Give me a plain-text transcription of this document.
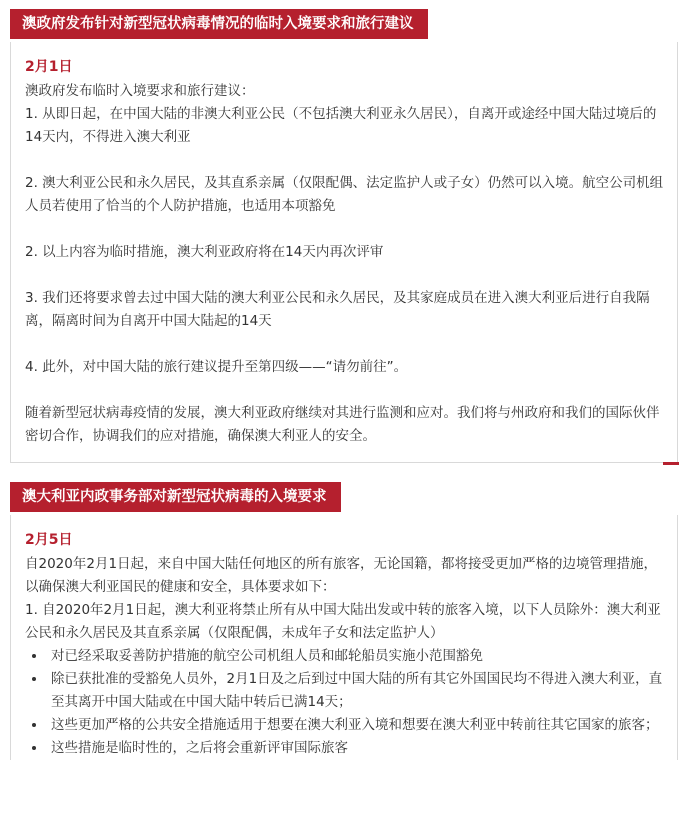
澳政府发布针对新型冠状病毒情况的临时入境要求和旅行建议
2月1日

澳政府发布临时入境要求和旅行建议：

1. 从即日起，在中国大陆的非澳大利亚公民（不包括澳大利亚永久居民），自离开或途经中国大陆过境后的14天内，不得进入澳大利亚

2. 澳大利亚公民和永久居民，及其直系亲属（仅限配偶、法定监护人或子女）仍然可以入境。航空公司机组人员若使用了恰当的个人防护措施，也适用本项豁免

2. 以上内容为临时措施，澳大利亚政府将在14天内再次评审

3. 我们还将要求曾去过中国大陆的澳大利亚公民和永久居民，及其家庭成员在进入澳大利亚后进行自我隔离，隔离时间为自离开中国大陆起的14天

4. 此外，对中国大陆的旅行建议提升至第四级——“请勿前往”。

随着新型冠状病毒疫情的发展，澳大利亚政府继续对其进行监测和应对。我们将与州政府和我们的国际伙伴密切合作，协调我们的应对措施，确保澳大利亚人的安全。

澳大利亚内政事务部对新型冠状病毒的入境要求
2月5日

自2020年2月1日起，来自中国大陆任何地区的所有旅客，无论国籍，都将接受更加严格的边境管理措施，以确保澳大利亚国民的健康和安全，具体要求如下：

1. 自2020年2月1日起，澳大利亚将禁止所有从中国大陆出发或中转的旅客入境，以下人员除外：澳大利亚公民和永久居民及其直系亲属（仅限配偶，未成年子女和法定监护人）

• 对已经采取妥善防护措施的航空公司机组人员和邮轮船员实施小范围豁免
• 除已获批准的受豁免人员外，2月1日及之后到过中国大陆的所有其它外国国民均不得进入澳大利亚，直至其离开中国大陆或在中国大陆中转后已满14天；
• 这些更加严格的公共安全措施适用于想要在澳大利亚入境和想要在澳大利亚中转前往其它国家的旅客；
• 这些措施是临时性的，之后将会重新评审国际旅客
